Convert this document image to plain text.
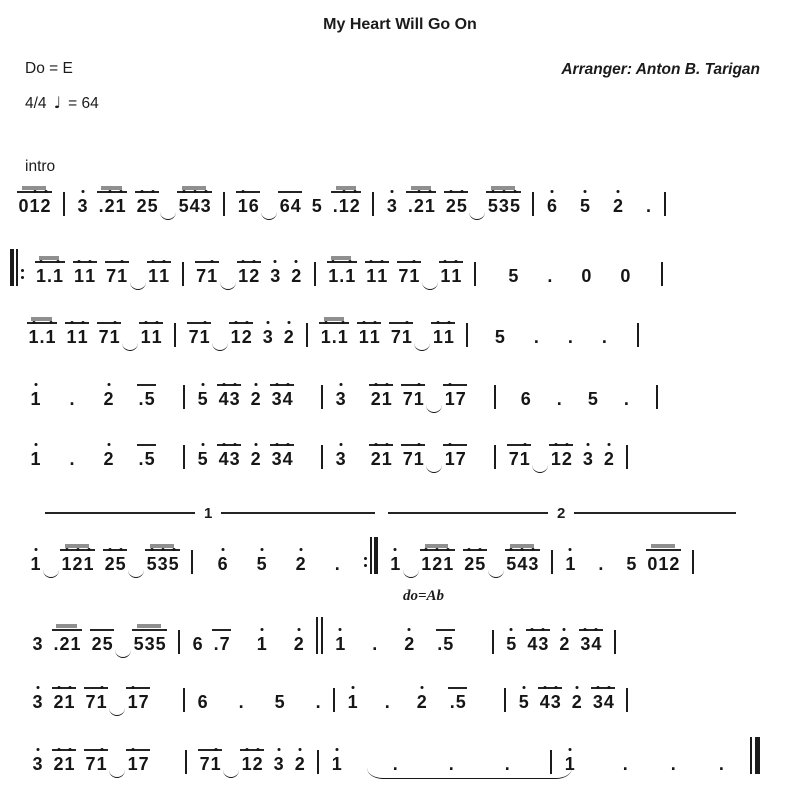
My Heart Will Go On
Do = E	Arranger: Anton B. Tarigan
4/4 ♩ = 64
intro
1	2
do=Ab
0 1 2 3 . 2 1 2 5 5 4 3 1 6 6 4 5 . 1 2 3 . 2 1 2 5 5 3 5 6 5 2 .
1 . 1 1 1 7 1 1 1 7 1 1 2 3 2 1 . 1 1 1 7 1 1 1	5 . 0 0
1 . 1 1 1 7 1 1 1 7 1 1 2 3 2 1 . 1 1 1 7 1 1 1 5 . . .
1 . 2 . 5 5 4 3 2 3 4 3 2 1 7 1 1 7	6 . 5 .
1 . 2 . 5 5 4 3 2 3 4 3 2 1 7 1 1 7 7 1 1 2 3 2
1 1 2 1 2 5 5 3 5 6 5 2 .	1 1 2 1 2 5 5 4 3 1 . 5 0 1 2
3 . 2 1 2 5 5 3 5 6 . 7 1 2 1 . 2 . 5	5 4 3 2 3 4
3 2 1 7 1 1 7	6 . 5 . 1 . 2 . 5	5 4 3 2 3 4
3 2 1 7 1 1 7	7 1 1 2 3 2 1	.	.	.	1	. . .
